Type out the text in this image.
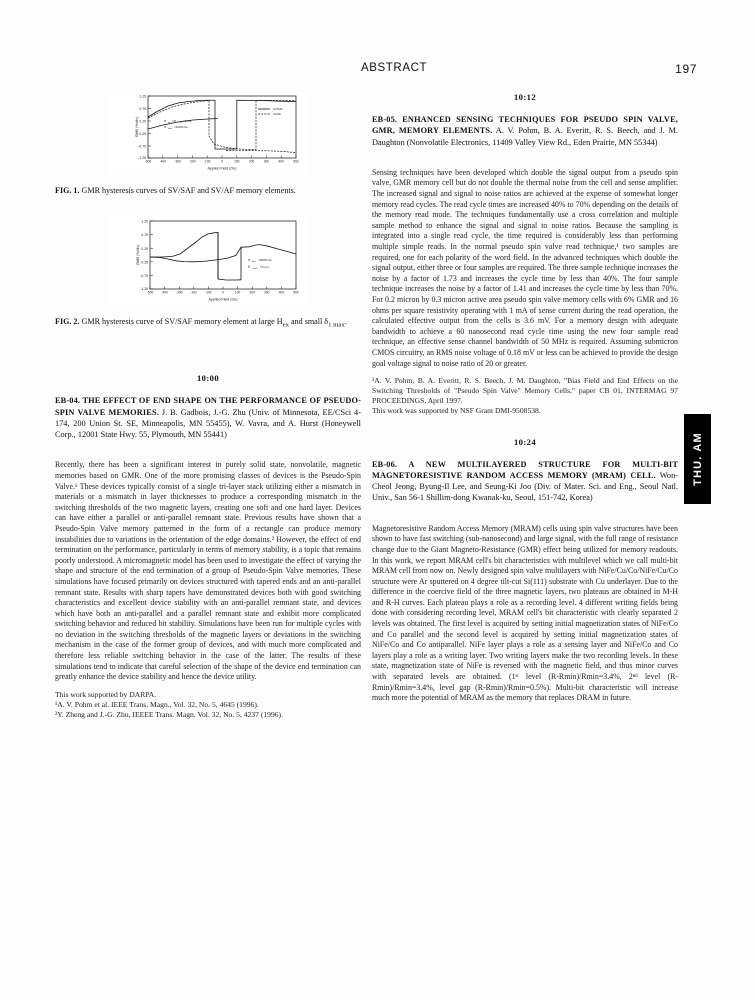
ABSTRACT	197
1.25
0.75
0.25
-0.25
-0.75
-1.25
-500	-400	-300	-200	-100	0	100	200	300	400	500
Applied Field (Oe)
GMR (%/div)	H ex =H ex =0 Oe
H bias =1000 Oe
SV/SAF
SV/AF
FIG. 1. GMR hysteresis curves of SV/SAF and SV/AF memory elements.
1.25
0.75
0.25
-0.25
-0.75
-1.25
-500	-400	-300	-200	-100	0	100	200	300	400	500
Applied Field (Oe)
GMR (%/div)	H bias =3000 Oe
δ 1 max =5 nm
FIG. 2. GMR hysteresis curve of SV/SAF memory element at large $H_{ex}$ and small $\delta_{1 max}$.
10:00
EB-04. THE EFFECT OF END SHAPE ON THE PERFORMANCE OF PSEUDO-SPIN VALVE MEMORIES. J. B. Gadbois, J.-G. Zhu (Univ. of Minnesota, EE/CSci 4-174, 200 Union St. SE, Minneapolis, MN 55455), W. Vavra, and A. Hurst (Honeywell Corp., 12001 State Hwy. 55, Plymouth, MN 55441)

Recently, there has been a significant interest in purely solid state, nonvolatile, magnetic memories based on GMR. One of the more promising classes of devices is the Pseudo-Spin Valve.¹ These devices typically consist of a single tri-layer stack utilizing either a mismatch in materials or a mismatch in layer thicknesses to produce a corresponding mismatch in the switching thresholds of the two magnetic layers, creating one soft and one hard layer. Devices can have either a parallel or anti-parallel remnant state. Previous results have shown that a Pseudo-Spin Valve memory patterned in the form of a rectangle can produce memory instabilities due to variations in the orientation of the edge domains.² However, the effect of end termination on the performance, particularly in terms of memory stability, is a topic that remains poorly understood. A micromagnetic model has been used to investigate the effect of varying the shape and structure of the end termination of a group of Pseudo-Spin Valve memories. These simulations have focused primarily on devices structured with tapered ends and an anti-parallel remnant state. Results with sharp tapers have demonstrated devices both with good switching characteristics and excellent device stability with an anti-parallel remnant state, and devices which have both an anti-parallel and a parallel remnant state and exhibit more complicated switching behavior and reduced bit stability. Simulations have been run for multiple cycles with no deviation in the switching thresholds of the magnetic layers or deviations in the switching mechanism in the case of the former group of devices, and with much more complicated and therefore less reliable switching behavior in the case of the latter. The results of these simulations tend to indicate that careful selection of the shape of the device end termination can greatly enhance the device stability and hence the device utility.

This work supported by DARPA.

¹A. V. Pohm et al. IEEE Trans. Magn., Vol. 32, No. 5, 4645 (1996).

²Y. Zheng and J.-G. Zhu, IEEEE Trans. Magn. Vol. 32, No. 5, 4237 (1996).

10:12
EB-05. ENHANCED SENSING TECHNIQUES FOR PSEUDO SPIN VALVE, GMR, MEMORY ELEMENTS. A. V. Pohm, B. A. Everitt, R. S. Beech, and J. M. Daughton (Nonvolatile Electronics, 11409 Valley View Rd., Eden Prairie, MN 55344)

Sensing techniques have been developed which double the signal output from a pseudo spin valve, GMR memory cell but do not double the thermal noise from the cell and sense amplifier. The increased signal and signal to noise ratios are achieved at the expense of somewhat longer memory read cycles. The read cycle times are increased 40% to 70% depending on the details of the memory read mode. The techniques fundamentally use a cross correlation and multiple sample method to enhance the signal and signal to noise ratios. Because the sampling is integrated into a single read cycle, the time required is considerably less than performing multiple simple reads. In the normal pseudo spin valve read technique,¹ two samples are required, one for each polarity of the word field. In the advanced techniques which double the signal output, either three or four samples are required. The three sample technique increases the noise by a factor of 1.73 and increases the cycle time by less than 40%. The four sample technique increases the noise by a factor of 1.41 and increases the cycle time by less than 70%. For 0.2 micron by 0.3 micron active area pseudo spin valve memory cells with 6% GMR and 16 ohms per square resistivity operating with 1 mA of sense current during the read operation, the calculated effective output from the cells is 3.6 mV. For a memory design with adequate bandwidth to achieve a 60 nanosecond read cycle time using the new four sample read technique, an effective sense channel bandwidth of 50 MHz is required. Assuming submicron CMOS circuitry, an RMS noise voltage of 0.18 mV or less can be achieved to provide the design goal voltage signal to noise ratio of 20 or greater.

¹A. V. Pohm, B. A. Everitt, R. S. Beech, J. M. Daughton, "Bias Field and End Effects on the Switching Thresholds of "Pseudo Spin Valve" Memory Cells," paper CB 01, INTERMAG 97 PROCEEDINGS, April 1997.

This work was supported by NSF Grant DMI-9508538.

10:24
EB-06. A NEW MULTILAYERED STRUCTURE FOR MULTI-BIT MAGNETORESISTIVE RANDOM ACCESS MEMORY (MRAM) CELL. Won-Cheol Jeong, Byung-Il Lee, and Seung-Ki Joo (Div. of Mater. Sci. and Eng., Seoul Natl. Univ., San 56-1 Shillim-dong Kwanak-ku, Seoul, 151-742, Korea)

Magnetoresistive Random Access Memory (MRAM) cells using spin valve structures have been shown to have fast switching (sub-nanosecond) and large signal, with the full range of resistance change due to the Giant Magneto-Resistance (GMR) effect being utilized for memory readouts. In this work, we report MRAM cell's bit characteristics with multilevel which we call multi-bit MRAM cell from now on. Newly designed spin valve multilayers with NiFe/Cu/Co/NiFe/Cu/Co structure were Ar sputtered on 4 degree tilt-cut Si(111) substrate with Cu underlayer. Due to the difference in the coercive field of the three magnetic layers, two plateaus are obtained in M-H and R-H curves. Each plateau plays a role as a recording level. 4 different writing fields being done with considering recording level, MRAM cell's bit characteristic with clearly separated 2 levels was obtained. The first level is acquired by setting initial magnetization states of NiFe/Co and Co parallel and the second level is acquired by setting initial magnetization states of NiFe/Co and Co antiparallel. NiFe layer plays a role as a sensing layer and NiFe/Co and Co layers play a role as a writing layer. Two writing layers make the two recording levels. In these state, magnetization state of NiFe is reversed with the magnetic field, and thus minor curves with separated levels are obtained. (1ˢᵗ level (R-Rmin)/Rmin=3.4%, 2ⁿᵈ level (R-Rmin)/Rmin=3.4%, level gap (R-Rmin)/Rmin=0.5%). Multi-bit characteristic will increase much more the potential of MRAM as the memory that replaces DRAM in future.

THU. AM
